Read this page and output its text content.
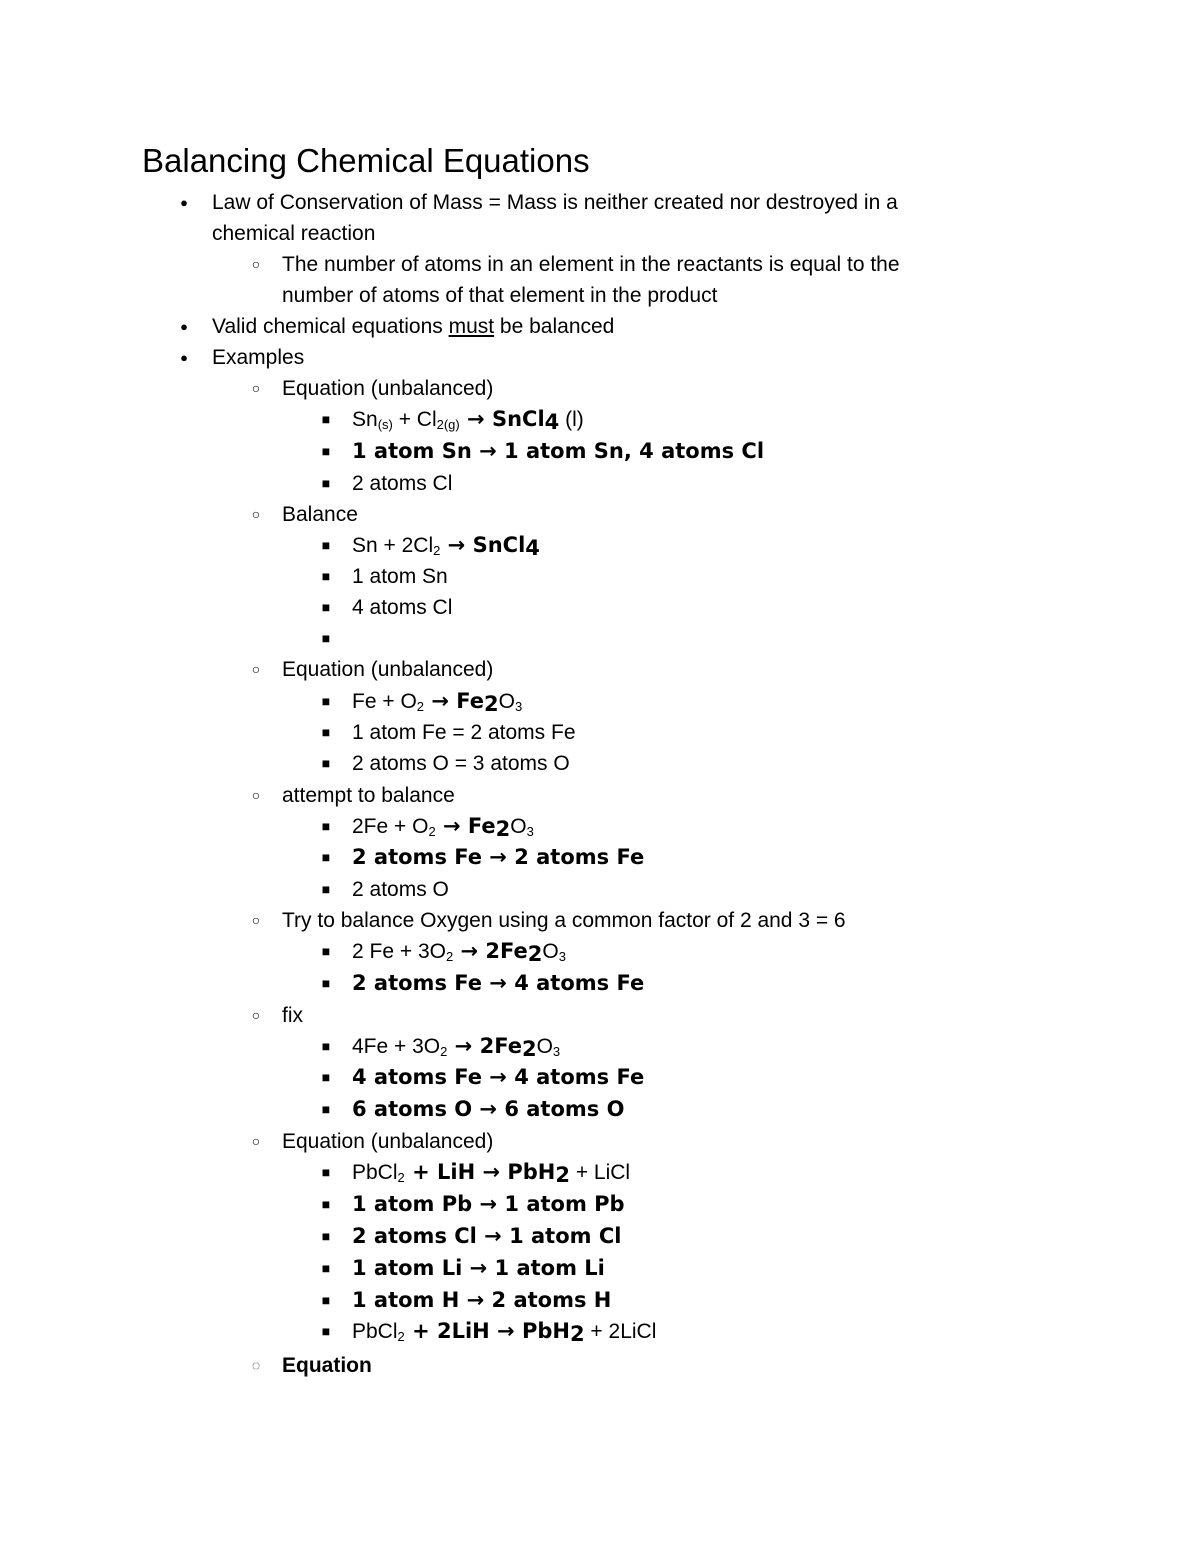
Balancing Chemical Equations
●
Law of Conservation of Mass = Mass is neither created nor destroyed in a
chemical reaction
○
The number of atoms in an element in the reactants is equal to the
number of atoms of that element in the product
●
Valid chemical equations must be balanced
●
Examples
○
Equation (unbalanced)
■
$Sn_{(s)} + Cl_{2(g)}$ → SnCl$_4$ (l)
■
1 atom Sn → 1 atom Sn, 4 atoms Cl
■
2 atoms Cl
○
Balance
■
$Sn + 2Cl_2$ → SnCl$_4$
■
1 atom Sn
■
4 atoms Cl
■
○
Equation (unbalanced)
■
$Fe + O_2 \to Fe_2O_3$
■
1 atom Fe = 2 atoms Fe
■
2 atoms O = 3 atoms O
○
attempt to balance
■
$2Fe + O_2 \to Fe_2O_3$
■
2 atoms Fe → 2 atoms Fe
■
2 atoms O
○
Try to balance Oxygen using a common factor of 2 and 3 = 6
■
2 $Fe + 3O_2 \to 2Fe_2O_3$
■
2 atoms Fe → 4 atoms Fe
○
fix
■
$4Fe + 3O_2 \to 2Fe_2O_3$
■
4 atoms Fe → 4 atoms Fe
■
6 atoms O → 6 atoms O
○
Equation (unbalanced)
■
PbCl$_2$ + LiH → PbH$_2$ + LiCl
■
1 atom Pb → 1 atom Pb
■
2 atoms Cl → 1 atom Cl
■
1 atom Li → 1 atom Li
■
1 atom H → 2 atoms H
■
PbCl$_2$ + 2LiH → PbH$_2$ + 2LiCl
◌
Equation
